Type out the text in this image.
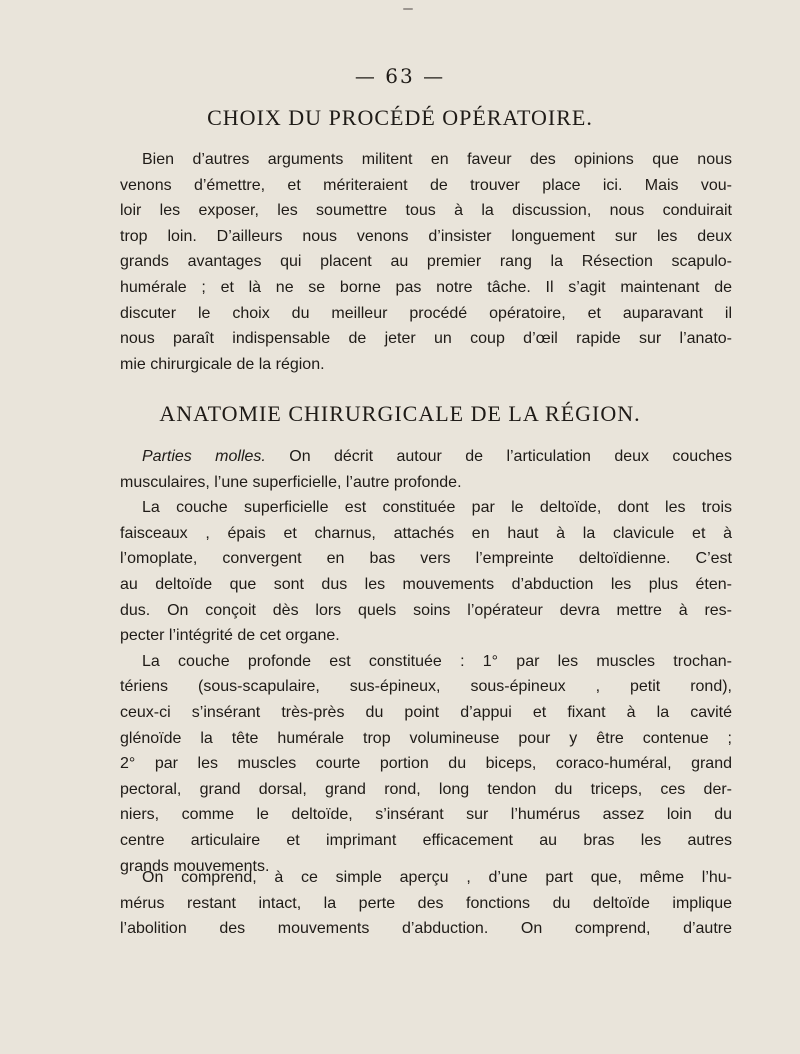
— 63 —
CHOIX DU PROCÉDÉ OPÉRATOIRE.
Bien d’autres arguments militent en faveur des opinions que nous
venons d’émettre, et mériteraient de trouver place ici. Mais vou-
loir les exposer, les soumettre tous à la discussion, nous conduirait
trop loin. D’ailleurs nous venons d’insister longuement sur les deux
grands avantages qui placent au premier rang la Résection scapulo-
humérale ; et là ne se borne pas notre tâche. Il s’agit maintenant de
discuter le choix du meilleur procédé opératoire, et auparavant il
nous paraît indispensable de jeter un coup d’œil rapide sur l’anato-
mie chirurgicale de la région.
ANATOMIE CHIRURGICALE DE LA RÉGION.
Parties molles. On décrit autour de l’articulation deux couches
musculaires, l’une superficielle, l’autre profonde.
La couche superficielle est constituée par le deltoïde, dont les trois
faisceaux , épais et charnus, attachés en haut à la clavicule et à
l’omoplate, convergent en bas vers l’empreinte deltoïdienne. C’est
au deltoïde que sont dus les mouvements d’abduction les plus éten-
dus. On conçoit dès lors quels soins l’opérateur devra mettre à res-
pecter l’intégrité de cet organe.
La couche profonde est constituée : 1° par les muscles trochan-
tériens (sous-scapulaire, sus-épineux, sous-épineux , petit rond),
ceux-ci s’insérant très-près du point d’appui et fixant à la cavité
glénoïde la tête humérale trop volumineuse pour y être contenue ;
2° par les muscles courte portion du biceps, coraco-huméral, grand
pectoral, grand dorsal, grand rond, long tendon du triceps, ces der-
niers, comme le deltoïde, s’insérant sur l’humérus assez loin du
centre articulaire et imprimant efficacement au bras les autres
grands mouvements.
On comprend, à ce simple aperçu , d’une part que, même l’hu-
mérus restant intact, la perte des fonctions du deltoïde implique
l’abolition des mouvements d’abduction. On comprend, d’autre
